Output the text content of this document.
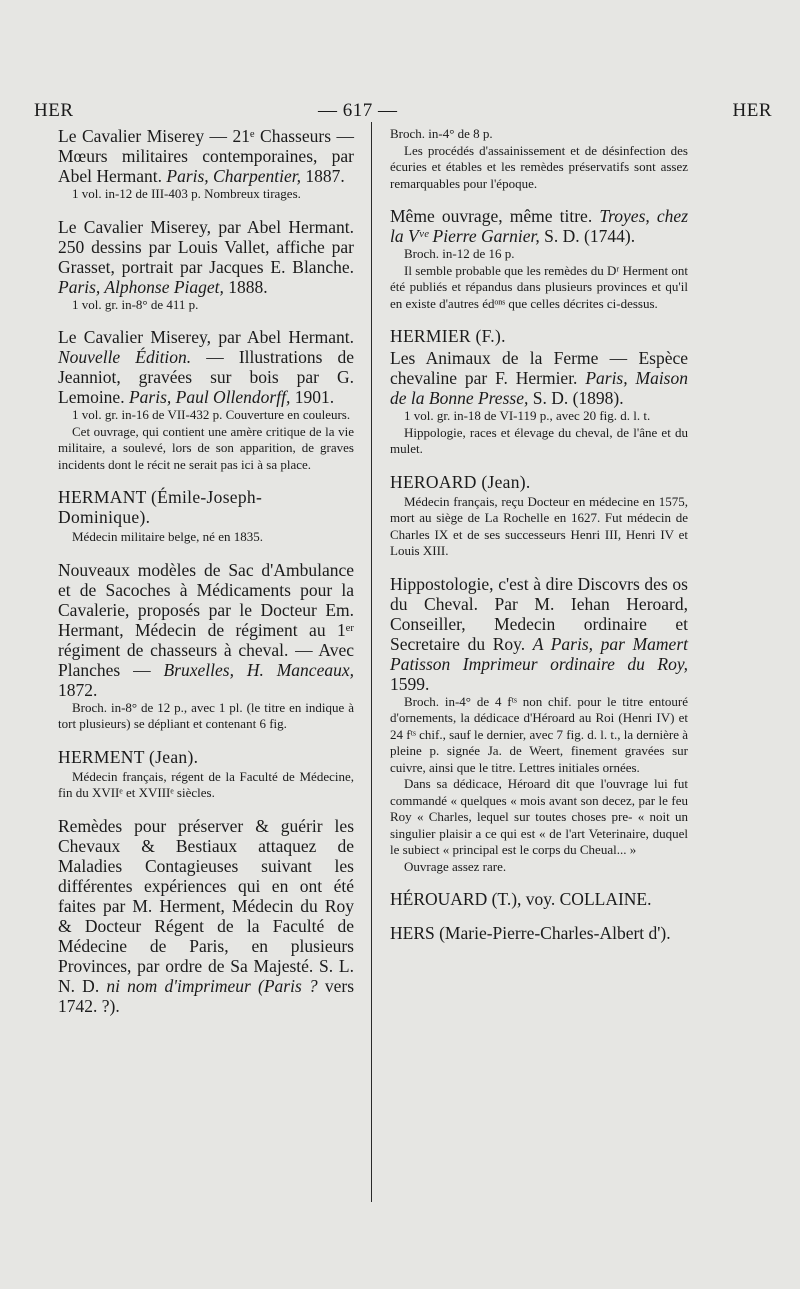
HER	— 617 —	HER

Le Cavalier Miserey — 21ᵉ Chasseurs — Mœurs militaires contemporaines, par Abel Hermant. Paris, Charpentier, 1887.

1 vol. in-12 de III-403 p. Nombreux tirages.

Le Cavalier Miserey, par Abel Hermant. 250 dessins par Louis Vallet, affiche par Grasset, portrait par Jacques E. Blanche. Paris, Alphonse Piaget, 1888.

1 vol. gr. in-8° de 411 p.

Le Cavalier Miserey, par Abel Hermant. Nouvelle Édition. — Illustrations de Jeanniot, gravées sur bois par G. Lemoine. Paris, Paul Ollendorff, 1901.

1 vol. gr. in-16 de VII-432 p. Couverture en couleurs.

Cet ouvrage, qui contient une amère critique de la vie militaire, a soulevé, lors de son apparition, de graves incidents dont le récit ne serait pas ici à sa place.

HERMANT (Émile-Joseph-Dominique).

Médecin militaire belge, né en 1835.

Nouveaux modèles de Sac d'Ambulance et de Sacoches à Médicaments pour la Cavalerie, proposés par le Docteur Em. Hermant, Médecin de régiment au 1ᵉʳ régiment de chasseurs à cheval. — Avec Planches — Bruxelles, H. Manceaux, 1872.

Broch. in-8° de 12 p., avec 1 pl. (le titre en indique à tort plusieurs) se dépliant et contenant 6 fig.

HERMENT (Jean).

Médecin français, régent de la Faculté de Médecine, fin du XVIIᵉ et XVIIIᵉ siècles.

Remèdes pour préserver & guérir les Chevaux & Bestiaux attaquez de Maladies Contagieuses suivant les différentes expériences qui en ont été faites par M. Herment, Médecin du Roy & Docteur Régent de la Faculté de Médecine de Paris, en plusieurs Provinces, par ordre de Sa Majesté. S. L. N. D. ni nom d'imprimeur (Paris ? vers 1742. ?).

Broch. in-4° de 8 p.

Les procédés d'assainissement et de désinfection des écuries et étables et les remèdes préservatifs sont assez remarquables pour l'époque.

Même ouvrage, même titre. Troyes, chez la Vᵛᵉ Pierre Garnier, S. D. (1744).

Broch. in-12 de 16 p.

Il semble probable que les remèdes du Dʳ Herment ont été publiés et répandus dans plusieurs provinces et qu'il en existe d'autres édᵒⁿˢ que celles décrites ci-dessus.

HERMIER (F.).

Les Animaux de la Ferme — Espèce chevaline par F. Hermier. Paris, Maison de la Bonne Presse, S. D. (1898).

1 vol. gr. in-18 de VI-119 p., avec 20 fig. d. l. t.

Hippologie, races et élevage du cheval, de l'âne et du mulet.

HEROARD (Jean).

Médecin français, reçu Docteur en médecine en 1575, mort au siège de La Rochelle en 1627. Fut médecin de Charles IX et de ses successeurs Henri III, Henri IV et Louis XIII.

Hippostologie, c'est à dire Discovrs des os du Cheval. Par M. Iehan Heroard, Conseiller, Medecin ordinaire et Secretaire du Roy. A Paris, par Mamert Patisson Imprimeur ordinaire du Roy, 1599.

Broch. in-4° de 4 fᵗˢ non chif. pour le titre entouré d'ornements, la dédicace d'Héroard au Roi (Henri IV) et 24 fᵗˢ chif., sauf le dernier, avec 7 fig. d. l. t., la dernière à pleine p. signée Ja. de Weert, finement gravées sur cuivre, ainsi que le titre. Lettres initiales ornées.

Dans sa dédicace, Héroard dit que l'ouvrage lui fut commandé « quelques « mois avant son decez, par le feu Roy « Charles, lequel sur toutes choses pre- « noit un singulier plaisir a ce qui est « de l'art Veterinaire, duquel le subiect « principal est le corps du Cheual... »

Ouvrage assez rare.

HÉROUARD (T.), voy. COLLAINE.

HERS (Marie-Pierre-Charles-Albert d').
